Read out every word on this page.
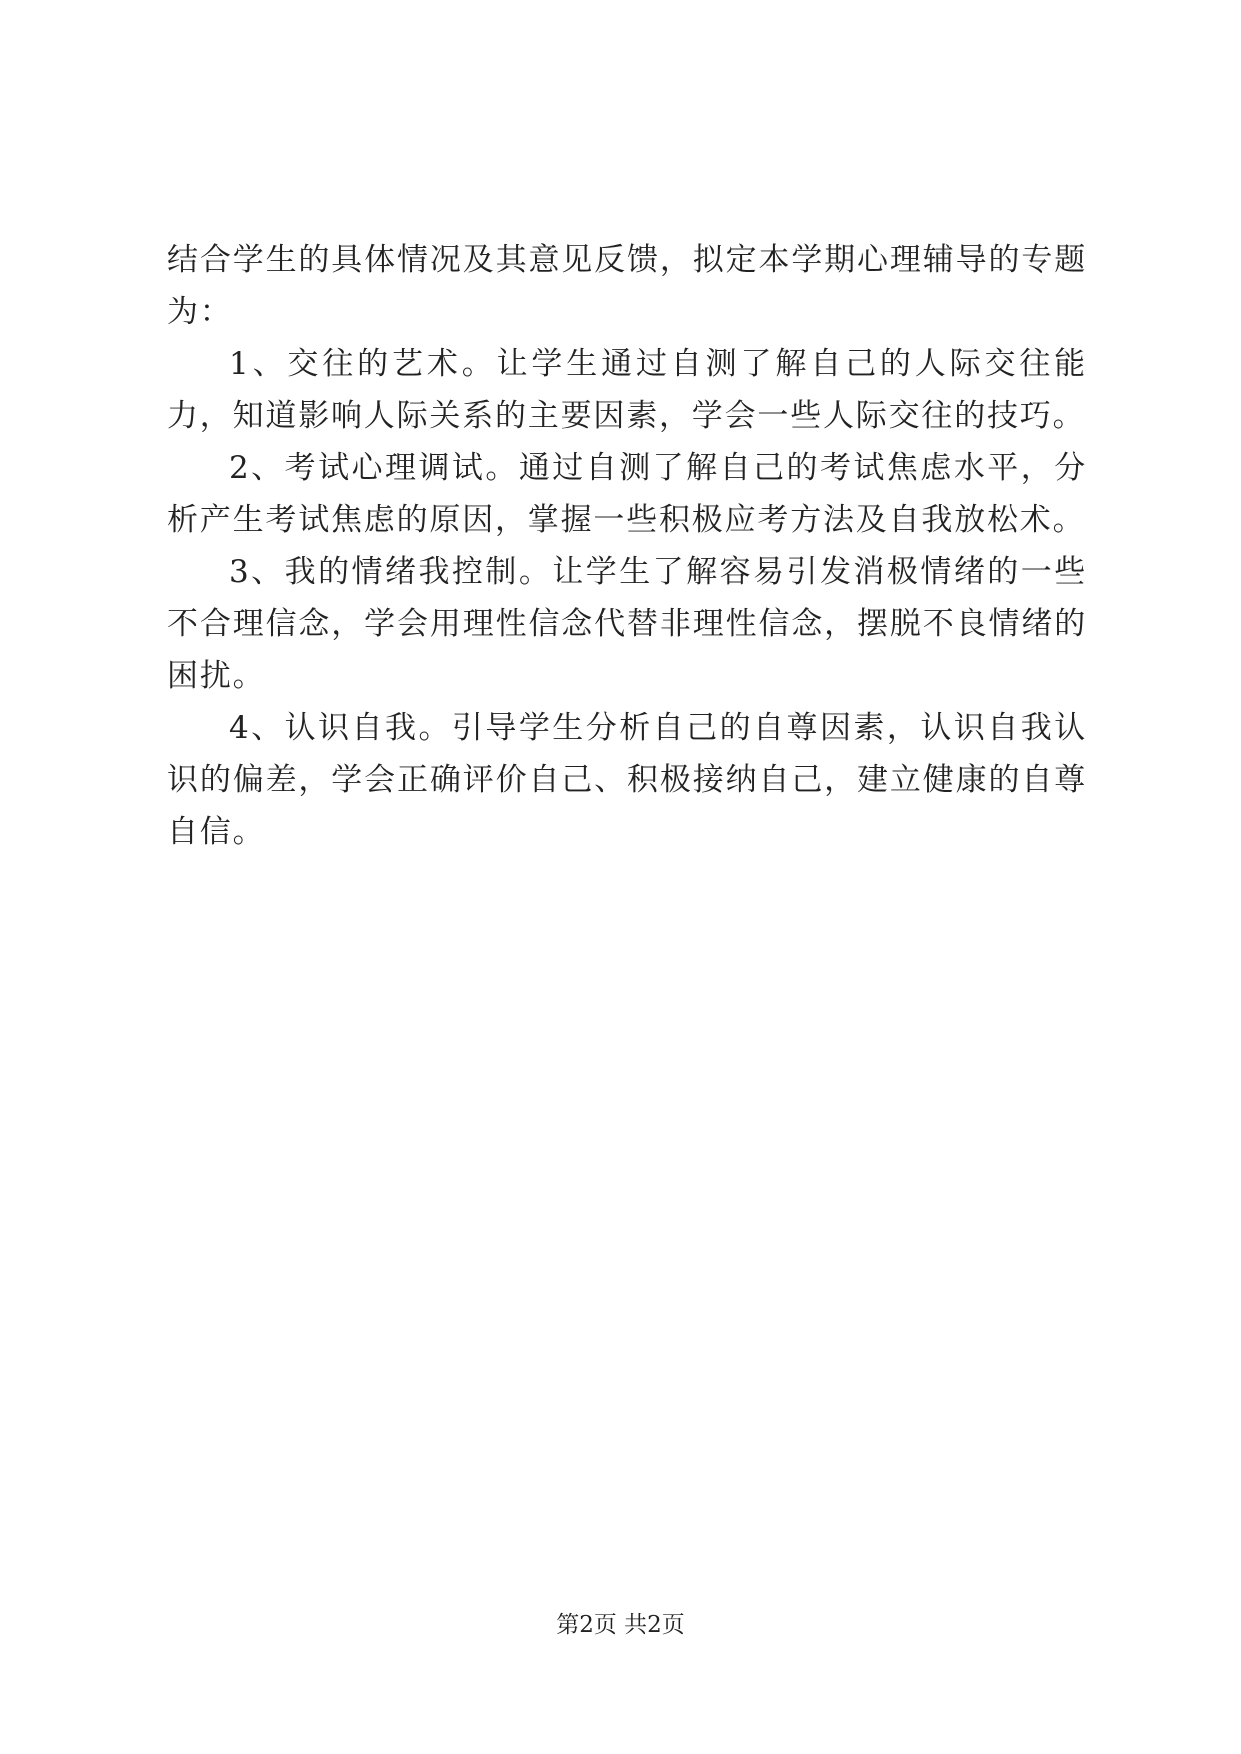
结合学生的具体情况及其意见反馈，拟定本学期心理辅导的专题为：

1、交往的艺术。让学生通过自测了解自己的人际交往能力，知道影响人际关系的主要因素，学会一些人际交往的技巧。

2、考试心理调试。通过自测了解自己的考试焦虑水平，分析产生考试焦虑的原因，掌握一些积极应考方法及自我放松术。

3、我的情绪我控制。让学生了解容易引发消极情绪的一些不合理信念，学会用理性信念代替非理性信念，摆脱不良情绪的困扰。

4、认识自我。引导学生分析自己的自尊因素，认识自我认识的偏差，学会正确评价自己、积极接纳自己，建立健康的自尊自信。

第2页 共2页
